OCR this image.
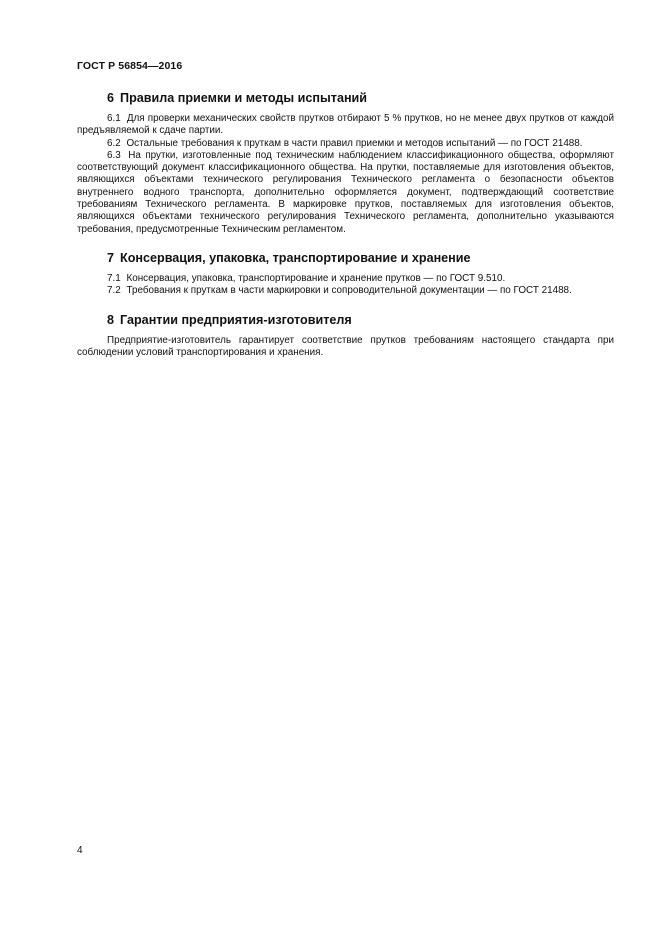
ГОСТ Р 56854—2016
6 Правила приемки и методы испытаний

6.1 Для проверки механических свойств прутков отбирают 5 % прутков, но не менее двух прутков от каждой предъявляемой к сдаче партии.

6.2 Остальные требования к пруткам в части правил приемки и методов испытаний — по ГОСТ 21488.

6.3 На прутки, изготовленные под техническим наблюдением классификационного общества, оформляют соответствующий документ классификационного общества. На прутки, поставляемые для изготовления объектов, являющихся объектами технического регулирования Технического регламента о безопасности объектов внутреннего водного транспорта, дополнительно оформляется документ, подтверждающий соответствие требованиям Технического регламента. В маркировке прутков, поставляемых для изготовления объектов, являющихся объектами технического регулирования Технического регламента, дополнительно указываются требования, предусмотренные Техническим регламентом.

7 Консервация, упаковка, транспортирование и хранение

7.1 Консервация, упаковка, транспортирование и хранение прутков — по ГОСТ 9.510.

7.2 Требования к пруткам в части маркировки и сопроводительной документации — по ГОСТ 21488.

8 Гарантии предприятия-изготовителя

Предприятие-изготовитель гарантирует соответствие прутков требованиям настоящего стандарта при соблюдении условий транспортирования и хранения.

4
